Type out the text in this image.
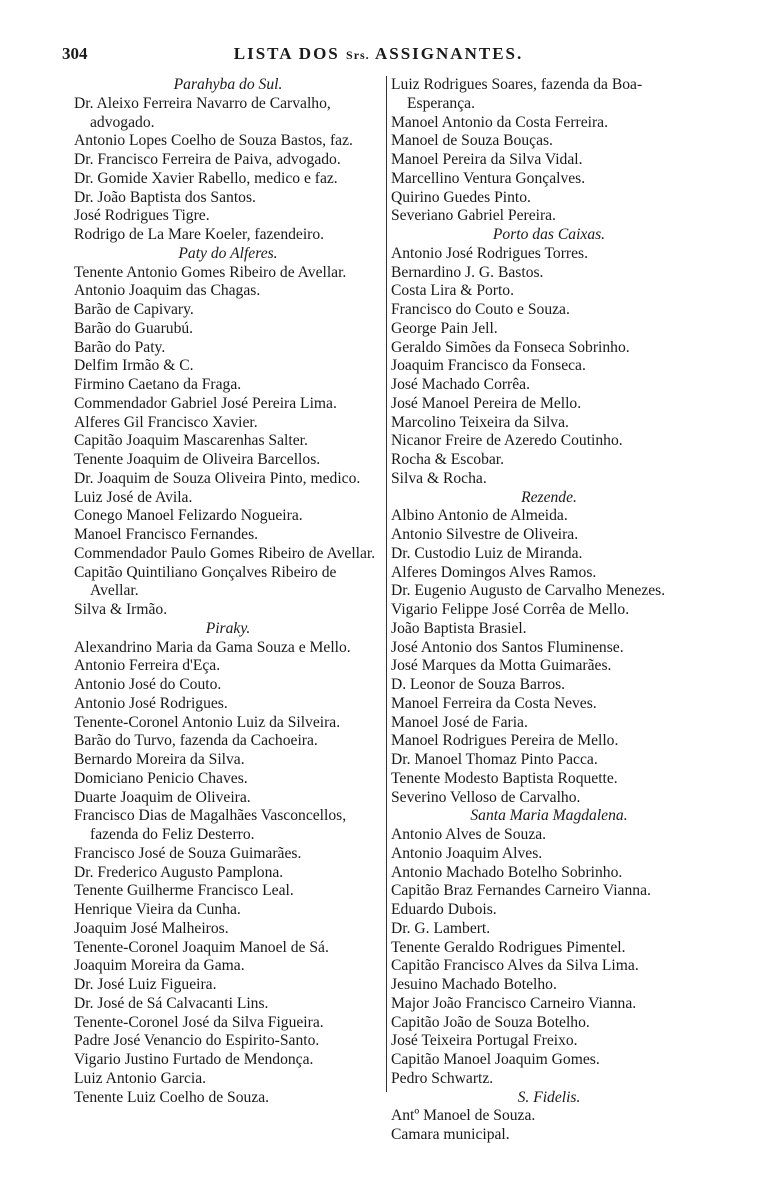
304	LISTA DOS Srs. ASSIGNANTES.
Parahyba do Sul.
Dr. Aleixo Ferreira Navarro de Carvalho, advogado.
Antonio Lopes Coelho de Souza Bastos, faz.
Dr. Francisco Ferreira de Paiva, advogado.
Dr. Gomide Xavier Rabello, medico e faz.
Dr. João Baptista dos Santos.
José Rodrigues Tigre.
Rodrigo de La Mare Koeler, fazendeiro.
Paty do Alferes.
Tenente Antonio Gomes Ribeiro de Avellar.
Antonio Joaquim das Chagas.
Barão de Capivary.
Barão do Guarubú.
Barão do Paty.
Delfim Irmão & C.
Firmino Caetano da Fraga.
Commendador Gabriel José Pereira Lima.
Alferes Gil Francisco Xavier.
Capitão Joaquim Mascarenhas Salter.
Tenente Joaquim de Oliveira Barcellos.
Dr. Joaquim de Souza Oliveira Pinto, medico.
Luiz José de Avila.
Conego Manoel Felizardo Nogueira.
Manoel Francisco Fernandes.
Commendador Paulo Gomes Ribeiro de Avellar.
Capitão Quintiliano Gonçalves Ribeiro de Avellar.
Silva & Irmão.
Piraky.
Alexandrino Maria da Gama Souza e Mello.
Antonio Ferreira d'Eça.
Antonio José do Couto.
Antonio José Rodrigues.
Tenente-Coronel Antonio Luiz da Silveira.
Barão do Turvo, fazenda da Cachoeira.
Bernardo Moreira da Silva.
Domiciano Penicio Chaves.
Duarte Joaquim de Oliveira.
Francisco Dias de Magalhães Vasconcellos, fazenda do Feliz Desterro.
Francisco José de Souza Guimarães.
Dr. Frederico Augusto Pamplona.
Tenente Guilherme Francisco Leal.
Henrique Vieira da Cunha.
Joaquim José Malheiros.
Tenente-Coronel Joaquim Manoel de Sá.
Joaquim Moreira da Gama.
Dr. José Luiz Figueira.
Dr. José de Sá Calvacanti Lins.
Tenente-Coronel José da Silva Figueira.
Padre José Venancio do Espirito-Santo.
Vigario Justino Furtado de Mendonça.
Luiz Antonio Garcia.
Tenente Luiz Coelho de Souza.
Luiz Rodrigues Soares, fazenda da Boa-Esperança.
Manoel Antonio da Costa Ferreira.
Manoel de Souza Bouças.
Manoel Pereira da Silva Vidal.
Marcellino Ventura Gonçalves.
Quirino Guedes Pinto.
Severiano Gabriel Pereira.
Porto das Caixas.
Antonio José Rodrigues Torres.
Bernardino J. G. Bastos.
Costa Lira & Porto.
Francisco do Couto e Souza.
George Pain Jell.
Geraldo Simões da Fonseca Sobrinho.
Joaquim Francisco da Fonseca.
José Machado Corrêa.
José Manoel Pereira de Mello.
Marcolino Teixeira da Silva.
Nicanor Freire de Azeredo Coutinho.
Rocha & Escobar.
Silva & Rocha.
Rezende.
Albino Antonio de Almeida.
Antonio Silvestre de Oliveira.
Dr. Custodio Luiz de Miranda.
Alferes Domingos Alves Ramos.
Dr. Eugenio Augusto de Carvalho Menezes.
Vigario Felippe José Corrêa de Mello.
João Baptista Brasiel.
José Antonio dos Santos Fluminense.
José Marques da Motta Guimarães.
D. Leonor de Souza Barros.
Manoel Ferreira da Costa Neves.
Manoel José de Faria.
Manoel Rodrigues Pereira de Mello.
Dr. Manoel Thomaz Pinto Pacca.
Tenente Modesto Baptista Roquette.
Severino Velloso de Carvalho.
Santa Maria Magdalena.
Antonio Alves de Souza.
Antonio Joaquim Alves.
Antonio Machado Botelho Sobrinho.
Capitão Braz Fernandes Carneiro Vianna.
Eduardo Dubois.
Dr. G. Lambert.
Tenente Geraldo Rodrigues Pimentel.
Capitão Francisco Alves da Silva Lima.
Jesuino Machado Botelho.
Major João Francisco Carneiro Vianna.
Capitão João de Souza Botelho.
José Teixeira Portugal Freixo.
Capitão Manoel Joaquim Gomes.
Pedro Schwartz.
S. Fidelis.
Antº Manoel de Souza.
Camara municipal.
